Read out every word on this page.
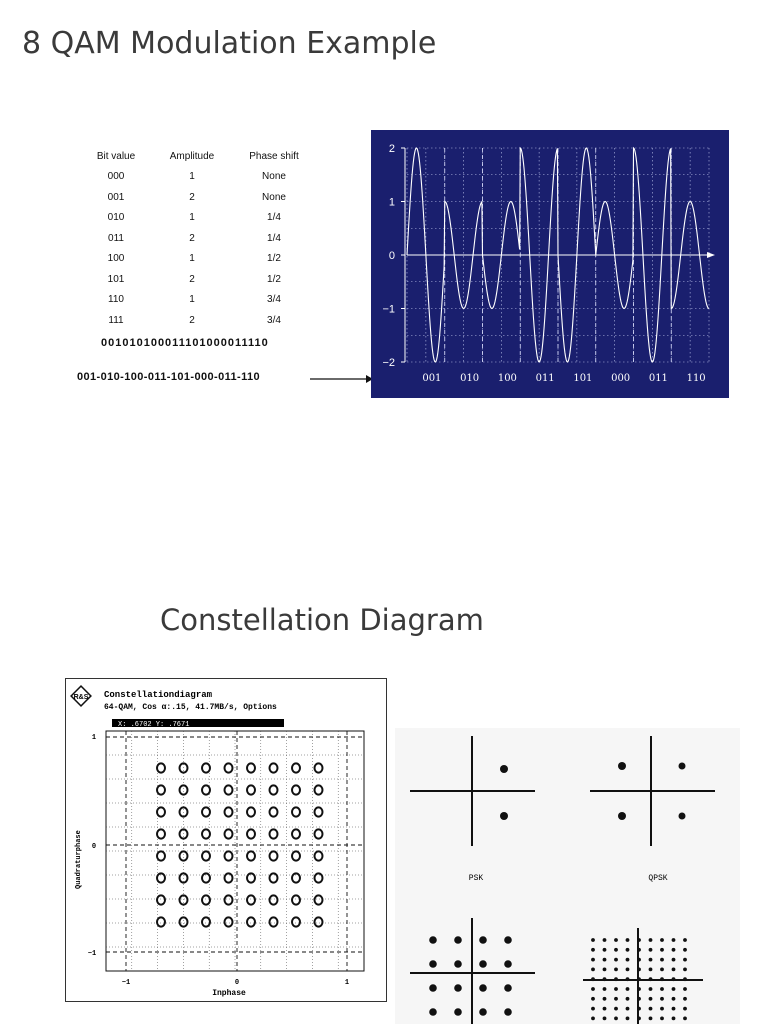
8 QAM Modulation Example
Bit value	Amplitude	Phase shift
000	1	None
001	2	None
010	1	1/4
011	2	1/4
100	1	1/2
101	2	1/2
110	1	3/4
111	2	3/4
001010100011101000011110
001-010-100-011-101-000-011-110
2
1
0
−1
−2
001 010 100 011 101 000 011 110
Constellation Diagram
R&S Constellationdiagram
64-QAM, Cos α:.15, 41.7MB/s, Options
X: .6702 Y: .7671
Quadraturphase
Inphase
1
0
−1
−1	0	1
PSK	QPSK
